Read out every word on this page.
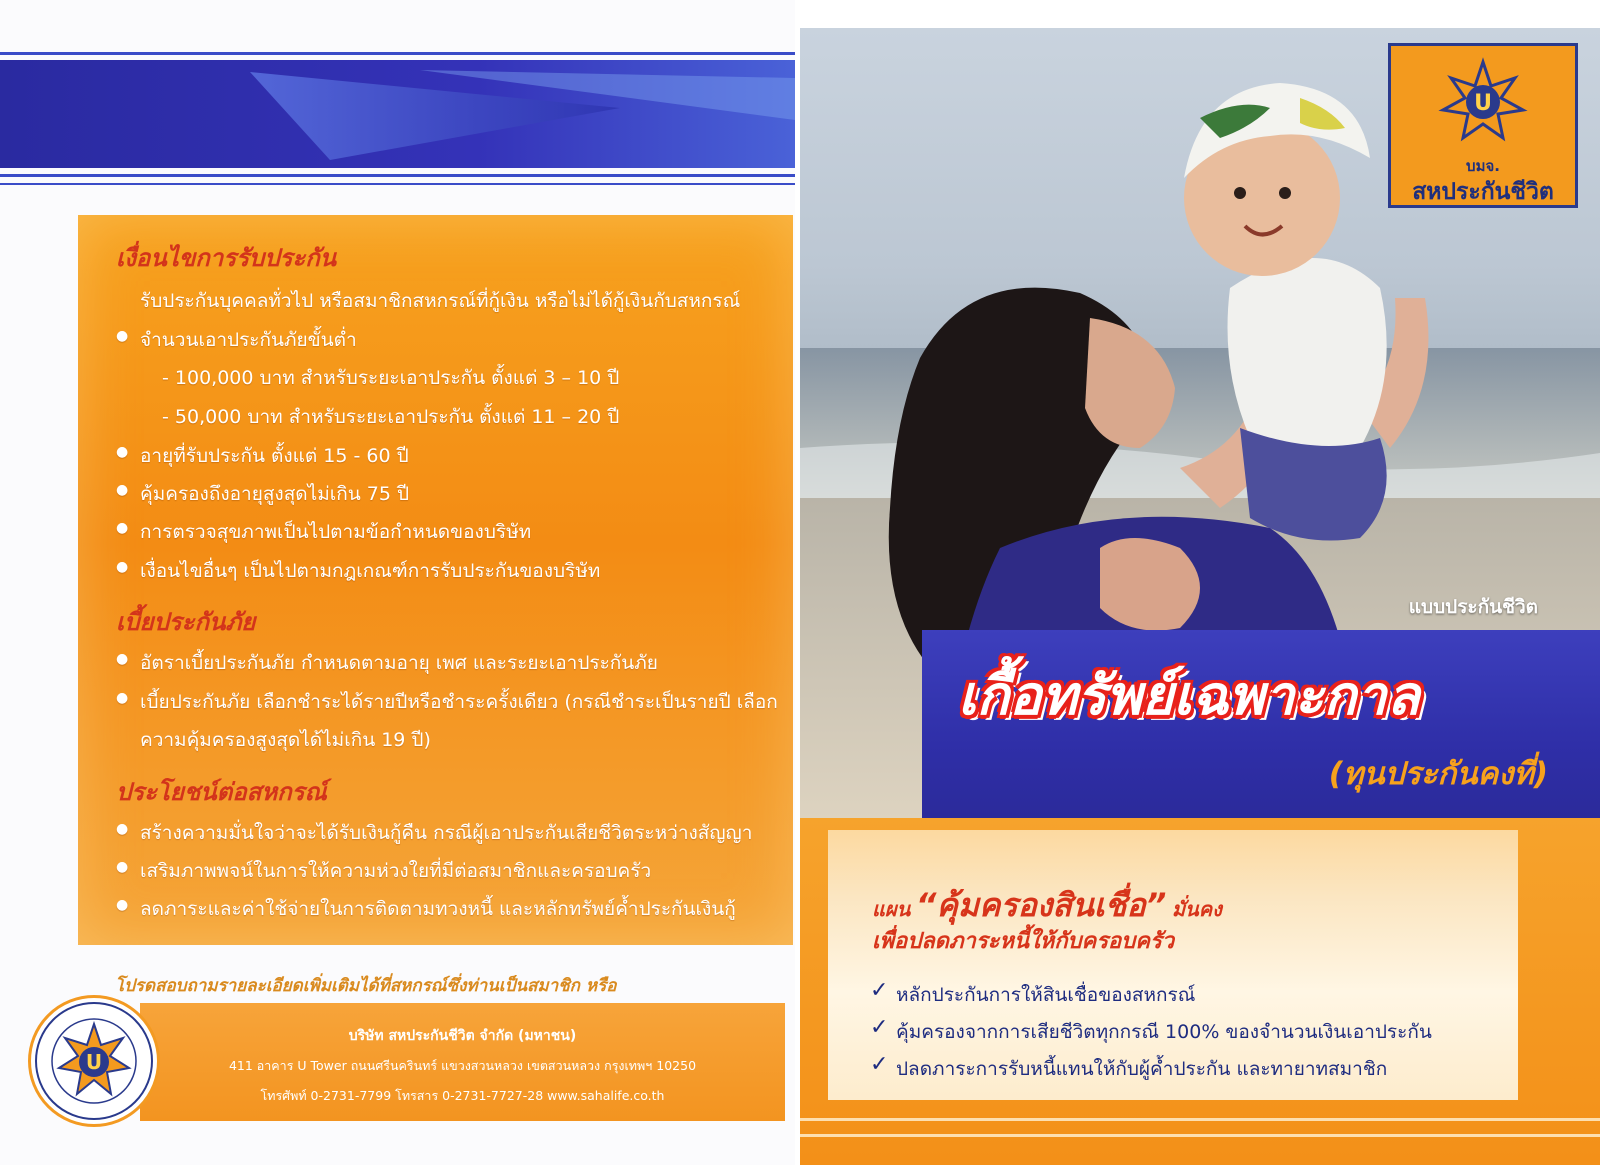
เงื่อนไขการรับประกัน
รับประกันบุคคลทั่วไป หรือสมาชิกสหกรณ์ที่กู้เงิน หรือไม่ได้กู้เงินกับสหกรณ์
● จำนวนเอาประกันภัยขั้นต่ำ
- 100,000 บาท สำหรับระยะเอาประกัน ตั้งแต่ 3 – 10 ปี
- 50,000 บาท สำหรับระยะเอาประกัน ตั้งแต่ 11 – 20 ปี
● อายุที่รับประกัน ตั้งแต่ 15 - 60 ปี
● คุ้มครองถึงอายุสูงสุดไม่เกิน 75 ปี
● การตรวจสุขภาพเป็นไปตามข้อกำหนดของบริษัท
● เงื่อนไขอื่นๆ เป็นไปตามกฎเกณฑ์การรับประกันของบริษัท
เบี้ยประกันภัย
● อัตราเบี้ยประกันภัย กำหนดตามอายุ เพศ และระยะเอาประกันภัย
● เบี้ยประกันภัย เลือกชำระได้รายปีหรือชำระครั้งเดียว (กรณีชำระเป็นรายปี เลือก
ความคุ้มครองสูงสุดได้ไม่เกิน 19 ปี)
ประโยชน์ต่อสหกรณ์
● สร้างความมั่นใจว่าจะได้รับเงินกู้คืน กรณีผู้เอาประกันเสียชีวิตระหว่างสัญญา
● เสริมภาพพจน์ในการให้ความห่วงใยที่มีต่อสมาชิกและครอบครัว
● ลดภาระและค่าใช้จ่ายในการติดตามทวงหนี้ และหลักทรัพย์ค้ำประกันเงินกู้
โปรดสอบถามรายละเอียดเพิ่มเติมได้ที่สหกรณ์ซึ่งท่านเป็นสมาชิก หรือ
บริษัท สหประกันชีวิต จำกัด (มหาชน)
411 อาคาร U Tower ถนนศรีนครินทร์ แขวงสวนหลวง เขตสวนหลวง กรุงเทพฯ 10250
โทรศัพท์ 0-2731-7799 โทรสาร 0-2731-7727-28 www.sahalife.co.th
U
U
บมจ.
สหประกันชีวิต
แบบประกันชีวิต
เกื้อทรัพย์เฉพาะกาล
(ทุนประกันคงที่)
แผน “คุ้มครองสินเชื่อ” มั่นคง
เพื่อปลดภาระหนี้ให้กับครอบครัว
✓ หลักประกันการให้สินเชื่อของสหกรณ์
✓ คุ้มครองจากการเสียชีวิตทุกกรณี 100% ของจำนวนเงินเอาประกัน
✓ ปลดภาระการรับหนี้แทนให้กับผู้ค้ำประกัน และทายาทสมาชิก
